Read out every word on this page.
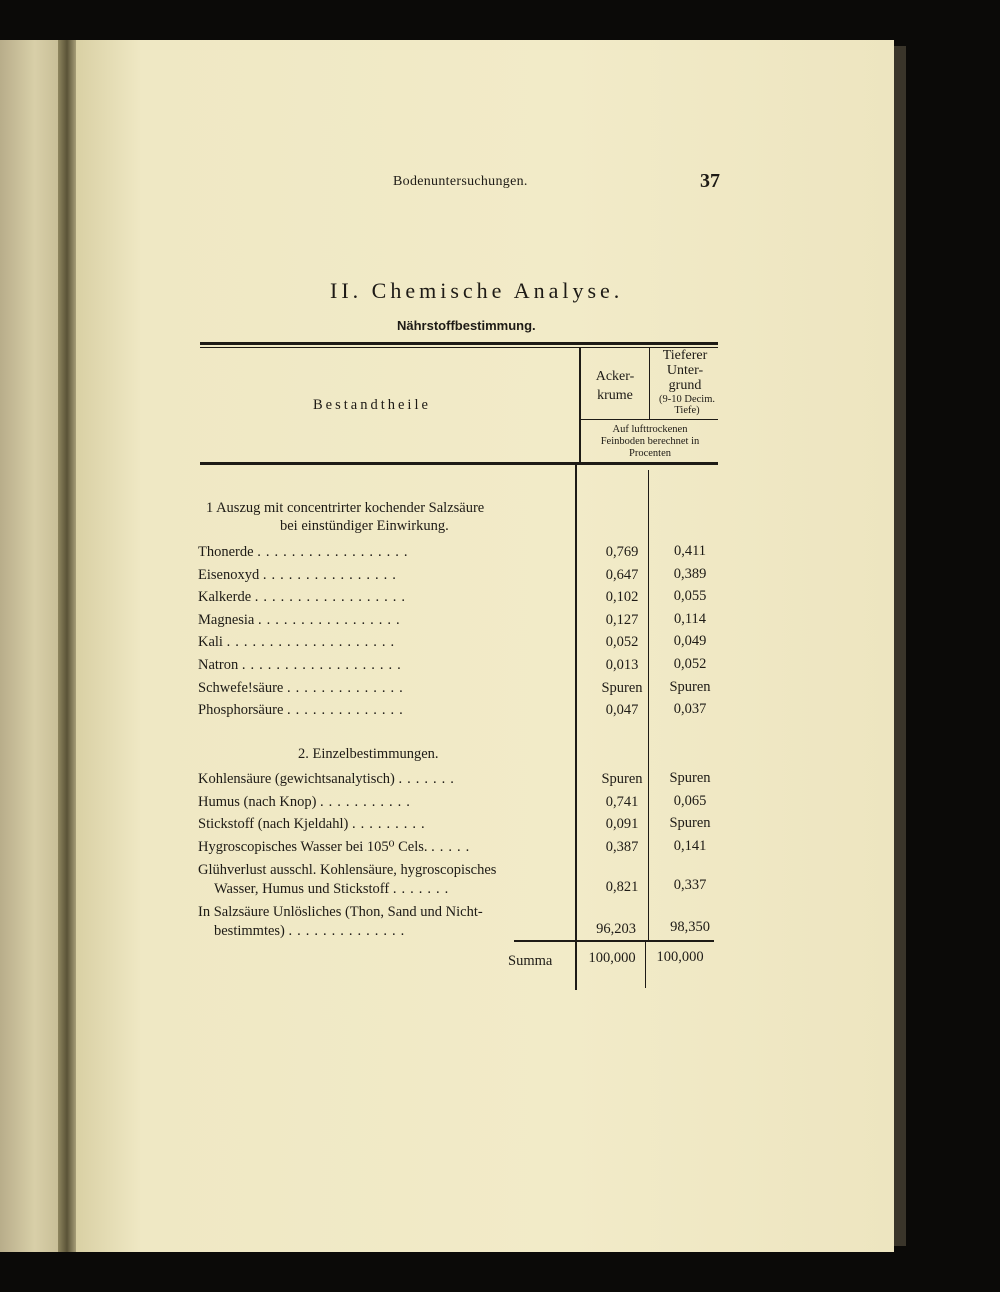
Bodenuntersuchungen.	37
II. Chemische Analyse.
Nährstoffbestimmung.
Bestandtheile
Acker-krume
Tieferer Unter-grund
(9-10 Decim. Tiefe)
Auf lufttrockenen Feinboden berechnet in Procenten
1 Auszug mit concentrirter kochender Salzsäure
bei einstündiger Einwirkung.
Thonerde ..................	0,769	0,411
Eisenoxyd ................	0,647	0,389
Kalkerde ..................	0,102	0,055
Magnesia .................	0,127	0,114
Kali ....................	0,052	0,049
Natron ...................	0,013	0,052
Schwefe!säure ..............	Spuren	Spuren
Phosphorsäure ..............	0,047	0,037
2. Einzelbestimmungen.
Kohlensäure (gewichtsanalytisch) .......	Spuren	Spuren
Humus (nach Knop) ...........	0,741	0,065
Stickstoff (nach Kjeldahl) .........	0,091	Spuren
Hygroscopisches Wasser bei 105⁰ Cels. .....	0,387	0,141
Glühverlust ausschl. Kohlensäure, hygroscopisches
Wasser, Humus und Stickstoff .......	0,821	0,337
In Salzsäure Unlösliches (Thon, Sand und Nicht-
bestimmtes) ..............	96,203	98,350
Summa	100,000	100,000
